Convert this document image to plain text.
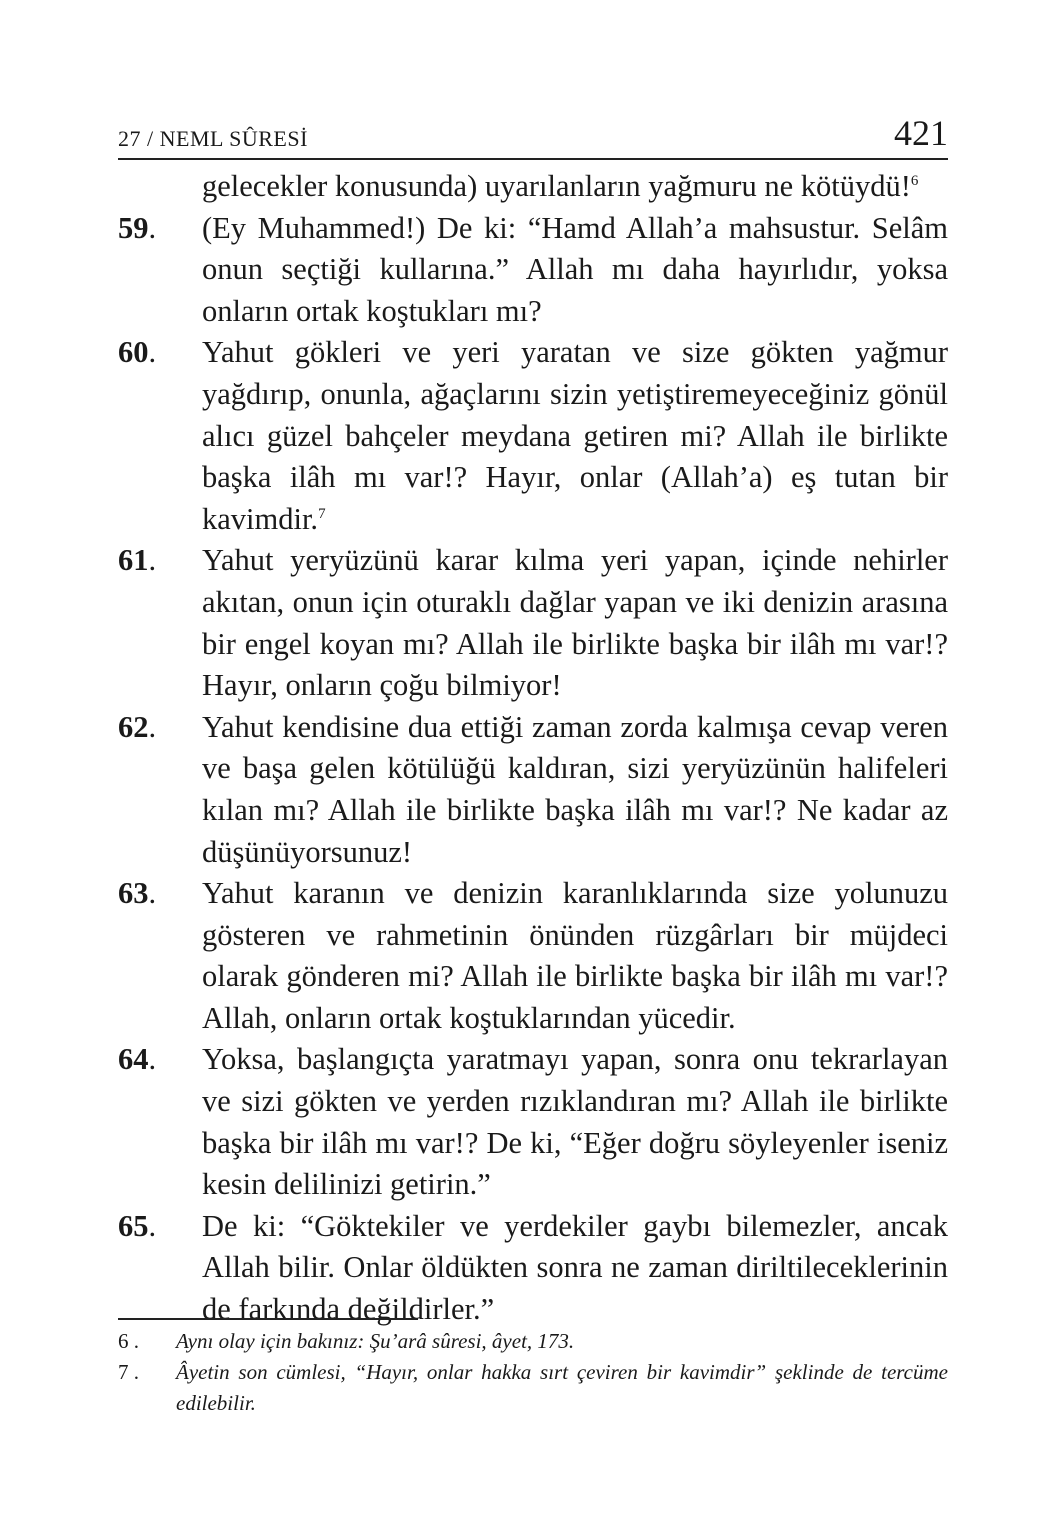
27 / NEML SÛRESİ	421
gelecekler konusunda) uyarılanların yağmuru ne kötüydü!$^6$
59. (Ey Muhammed!) De ki: “Hamd Allah’a mahsustur. Selâm onun seçtiği kullarına.” Allah mı daha hayırlıdır, yoksa onların ortak koştukları mı?
60. Yahut gökleri ve yeri yaratan ve size gökten yağmur yağdırıp, onunla, ağaçlarını sizin yetiştiremeyeceğiniz gönül alıcı güzel bahçeler meydana getiren mi? Allah ile birlikte başka ilâh mı var!? Hayır, onlar (Allah’a) eş tutan bir kavimdir.$^7$
61. Yahut yeryüzünü karar kılma yeri yapan, içinde nehirler akıtan, onun için oturaklı dağlar yapan ve iki denizin arasına bir engel koyan mı? Allah ile birlikte başka bir ilâh mı var!? Hayır, onların çoğu bilmiyor!
62. Yahut kendisine dua ettiği zaman zorda kalmışa cevap veren ve başa gelen kötülüğü kaldıran, sizi yeryüzünün halifeleri kılan mı? Allah ile birlikte başka ilâh mı var!? Ne kadar az düşünüyorsunuz!
63. Yahut karanın ve denizin karanlıklarında size yolunuzu gösteren ve rahmetinin önünden rüzgârları bir müjdeci olarak gönderen mi? Allah ile birlikte başka bir ilâh mı var!? Allah, onların ortak koştuklarından yücedir.
64. Yoksa, başlangıçta yaratmayı yapan, sonra onu tekrarlayan ve sizi gökten ve yerden rızıklandıran mı? Allah ile birlikte başka bir ilâh mı var!? De ki, “Eğer doğru söyleyenler iseniz kesin delilinizi getirin.”
65. De ki: “Göktekiler ve yerdekiler gaybı bilemezler, ancak Allah bilir. Onlar öldükten sonra ne zaman diriltileceklerinin de farkında değildirler.”
6 . Aynı olay için bakınız: Şu’arâ sûresi, âyet, 173.
7 . Âyetin son cümlesi, “Hayır, onlar hakka sırt çeviren bir kavimdir” şeklinde de tercüme edilebilir.
